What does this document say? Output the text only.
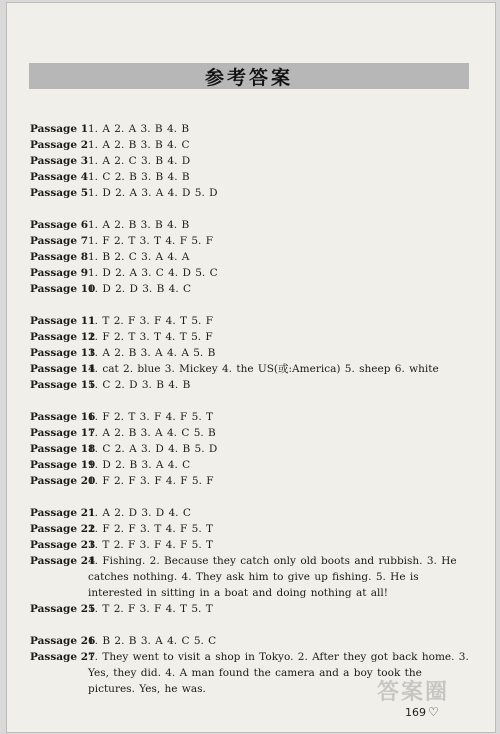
参考答案
Passage 1 1. A 2. A 3. B 4. B
Passage 2 1. A 2. B 3. B 4. C
Passage 3 1. A 2. C 3. B 4. D
Passage 4 1. C 2. B 3. B 4. B
Passage 5 1. D 2. A 3. A 4. D 5. D
Passage 6 1. A 2. B 3. B 4. B
Passage 7 1. F 2. T 3. T 4. F 5. F
Passage 8 1. B 2. C 3. A 4. A
Passage 9 1. D 2. A 3. C 4. D 5. C
Passage 10
1. D 2. D 3. B 4. C
Passage 11
1. T 2. F 3. F 4. T 5. F
Passage 12
1. F 2. T 3. T 4. T 5. F
Passage 13
1. A 2. B 3. A 4. A 5. B
Passage 14
1. cat 2. blue 3. Mickey 4. the US(或:America) 5. sheep 6. white
Passage 15
1. C 2. D 3. B 4. B
Passage 16
1. F 2. T 3. F 4. F 5. T
Passage 17
1. A 2. B 3. A 4. C 5. B
Passage 18
1. C 2. A 3. D 4. B 5. D
Passage 19
1. D 2. B 3. A 4. C
Passage 20
1. F 2. F 3. F 4. F 5. F
Passage 21
1. A 2. D 3. D 4. C
Passage 22
1. F 2. F 3. T 4. F 5. T
Passage 23
1. T 2. F 3. F 4. F 5. T
Passage 24
1. Fishing. 2. Because they catch only old boots and rubbish. 3. He catches nothing. 4. They ask him to give up fishing. 5. He is interested in sitting in a boat and doing nothing at all!
Passage 25
1. T 2. F 3. F 4. T 5. T
Passage 26
1. B 2. B 3. A 4. C 5. C
Passage 27
1. They went to visit a shop in Tokyo. 2. After they got back home. 3. Yes, they did. 4. A man found the camera and a boy took the pictures. Yes, he was.	答案圈
169 ♡
